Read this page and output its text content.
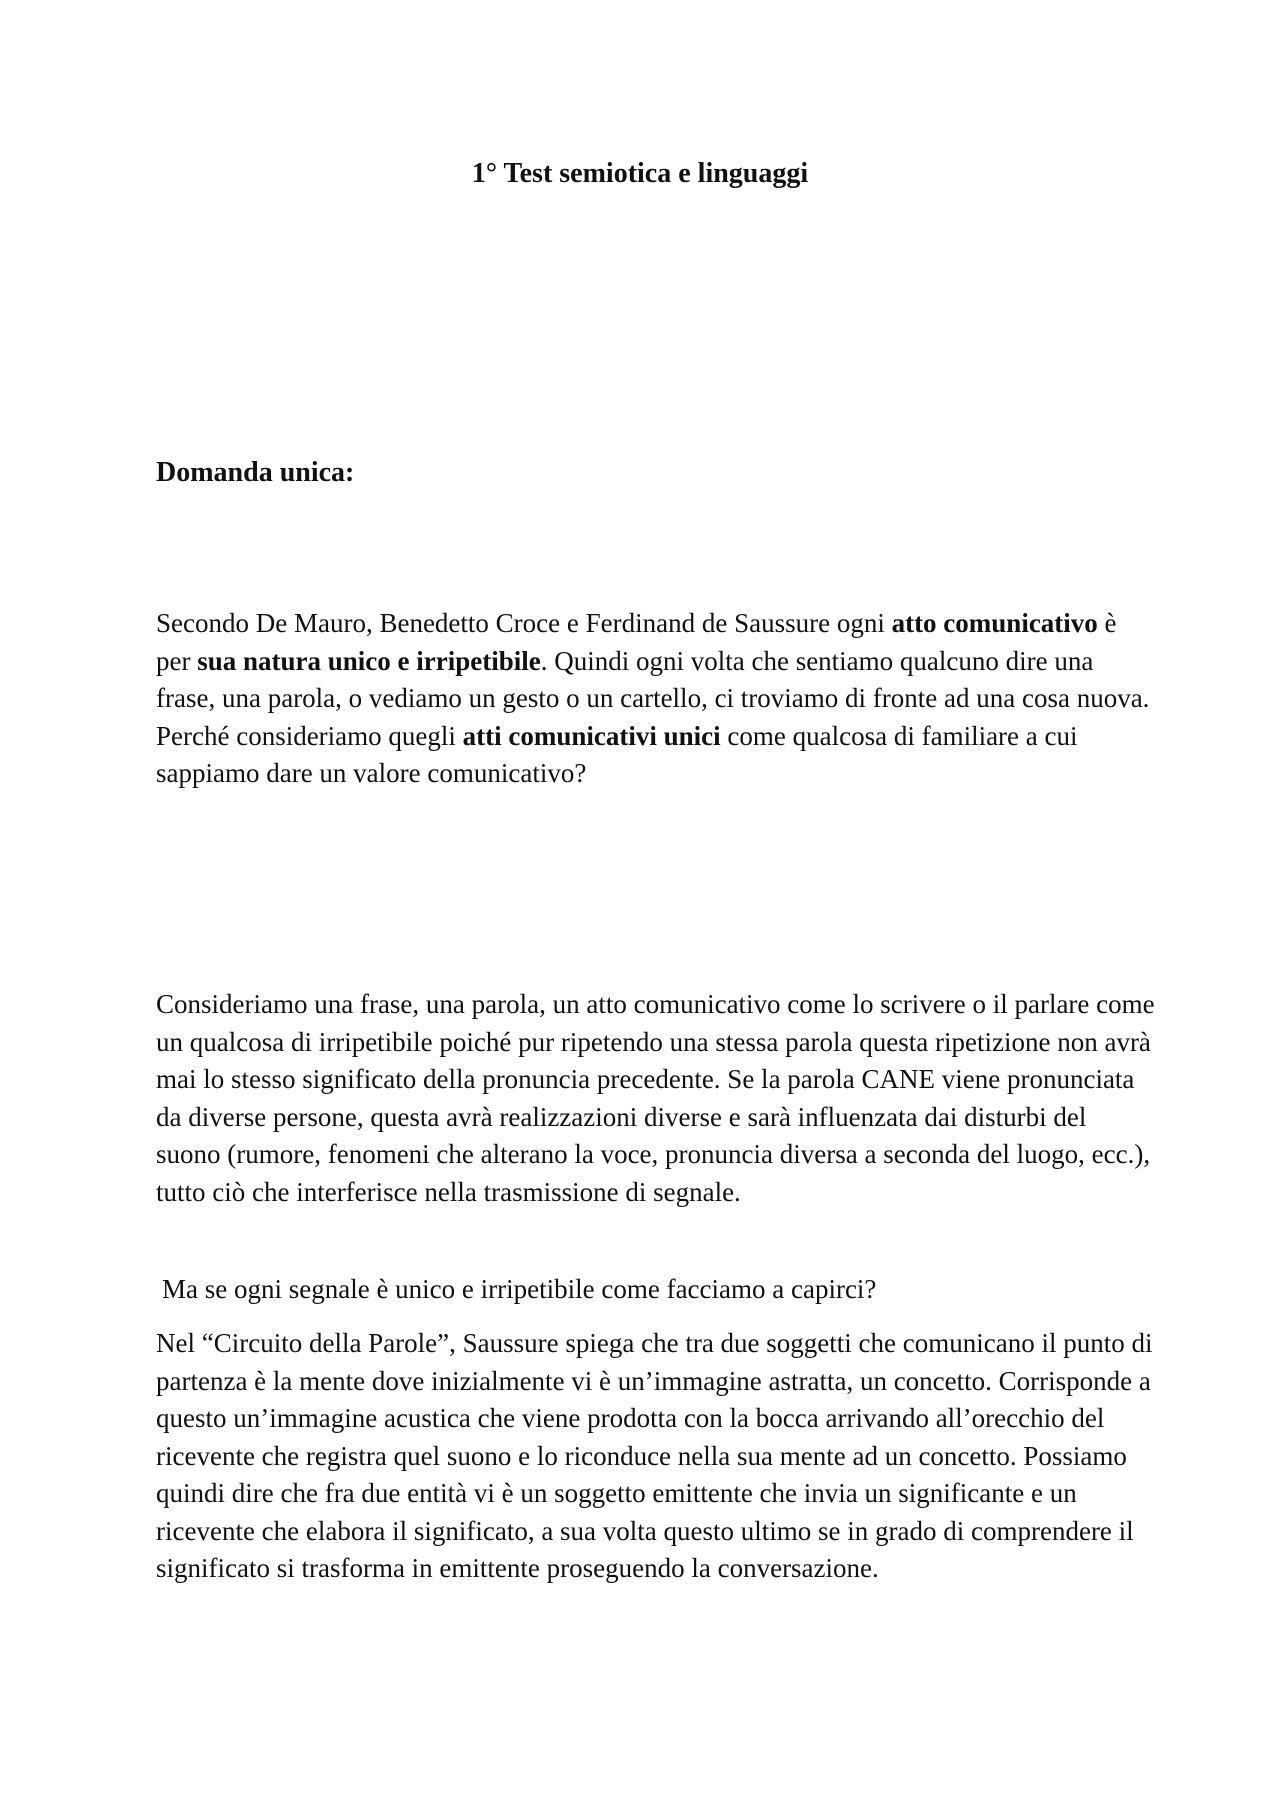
1° Test semiotica e linguaggi
Domanda unica:

Secondo De Mauro, Benedetto Croce e Ferdinand de Saussure ogni atto comunicativo è per sua natura unico e irripetibile. Quindi ogni volta che sentiamo qualcuno dire una frase, una parola, o vediamo un gesto o un cartello, ci troviamo di fronte ad una cosa nuova. Perché consideriamo quegli atti comunicativi unici come qualcosa di familiare a cui sappiamo dare un valore comunicativo?

Consideriamo una frase, una parola, un atto comunicativo come lo scrivere o il parlare come un qualcosa di irripetibile poiché pur ripetendo una stessa parola questa ripetizione non avrà mai lo stesso significato della pronuncia precedente. Se la parola CANE viene pronunciata da diverse persone, questa avrà realizzazioni diverse e sarà influenzata dai disturbi del suono (rumore, fenomeni che alterano la voce, pronuncia diversa a seconda del luogo, ecc.), tutto ciò che interferisce nella trasmissione di segnale.

Ma se ogni segnale è unico e irripetibile come facciamo a capirci?

Nel “Circuito della Parole”, Saussure spiega che tra due soggetti che comunicano il punto di partenza è la mente dove inizialmente vi è un’immagine astratta, un concetto. Corrisponde a questo un’immagine acustica che viene prodotta con la bocca arrivando all’orecchio del ricevente che registra quel suono e lo riconduce nella sua mente ad un concetto. Possiamo quindi dire che fra due entità vi è un soggetto emittente che invia un significante e un ricevente che elabora il significato, a sua volta questo ultimo se in grado di comprendere il significato si trasforma in emittente proseguendo la conversazione.
